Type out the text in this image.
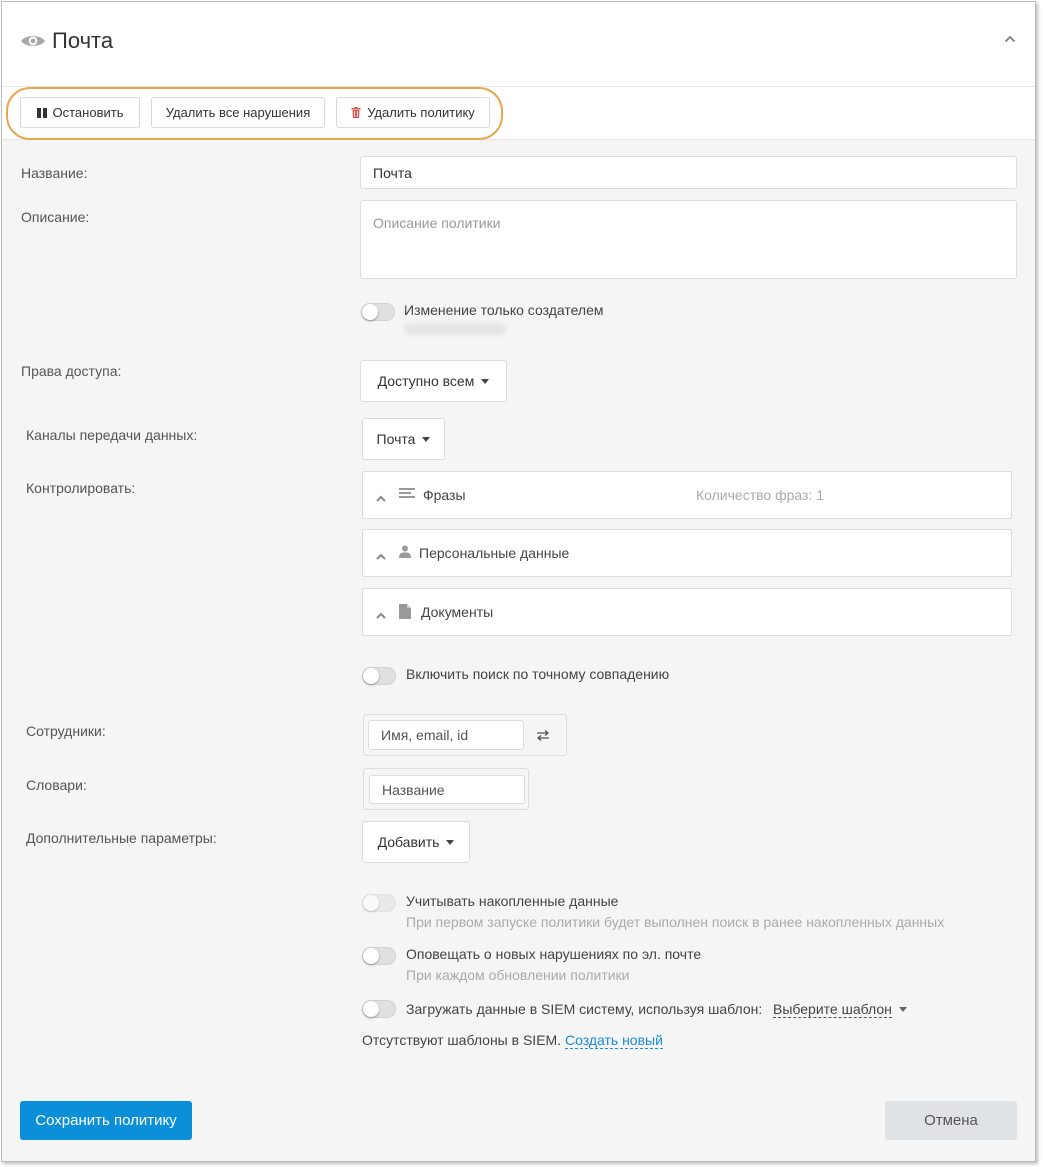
Почта
Остановить	Удалить все нарушения	Удалить политику
Название:	Почта
Описание:	Описание политики
Изменение только создателем
Права доступа:
Доступно всем
Каналы передачи данных:	Почта
Контролировать:	Фразы	Количество фраз: 1
Персональные данные
Документы
Включить поиск по точному совпадению
Сотрудники:	Имя, email, id
Словари:	Название
Дополнительные параметры:	Добавить
Учитывать накопленные данные
При первом запуске политики будет выполнен поиск в ранее накопленных данных
Оповещать о новых нарушениях по эл. почте
При каждом обновлении политики
Загружать данные в SIEM систему, используя шаблон: Выберите шаблон
Отсутствуют шаблоны в SIEM. Создать новый
Сохранить политику	Отмена
